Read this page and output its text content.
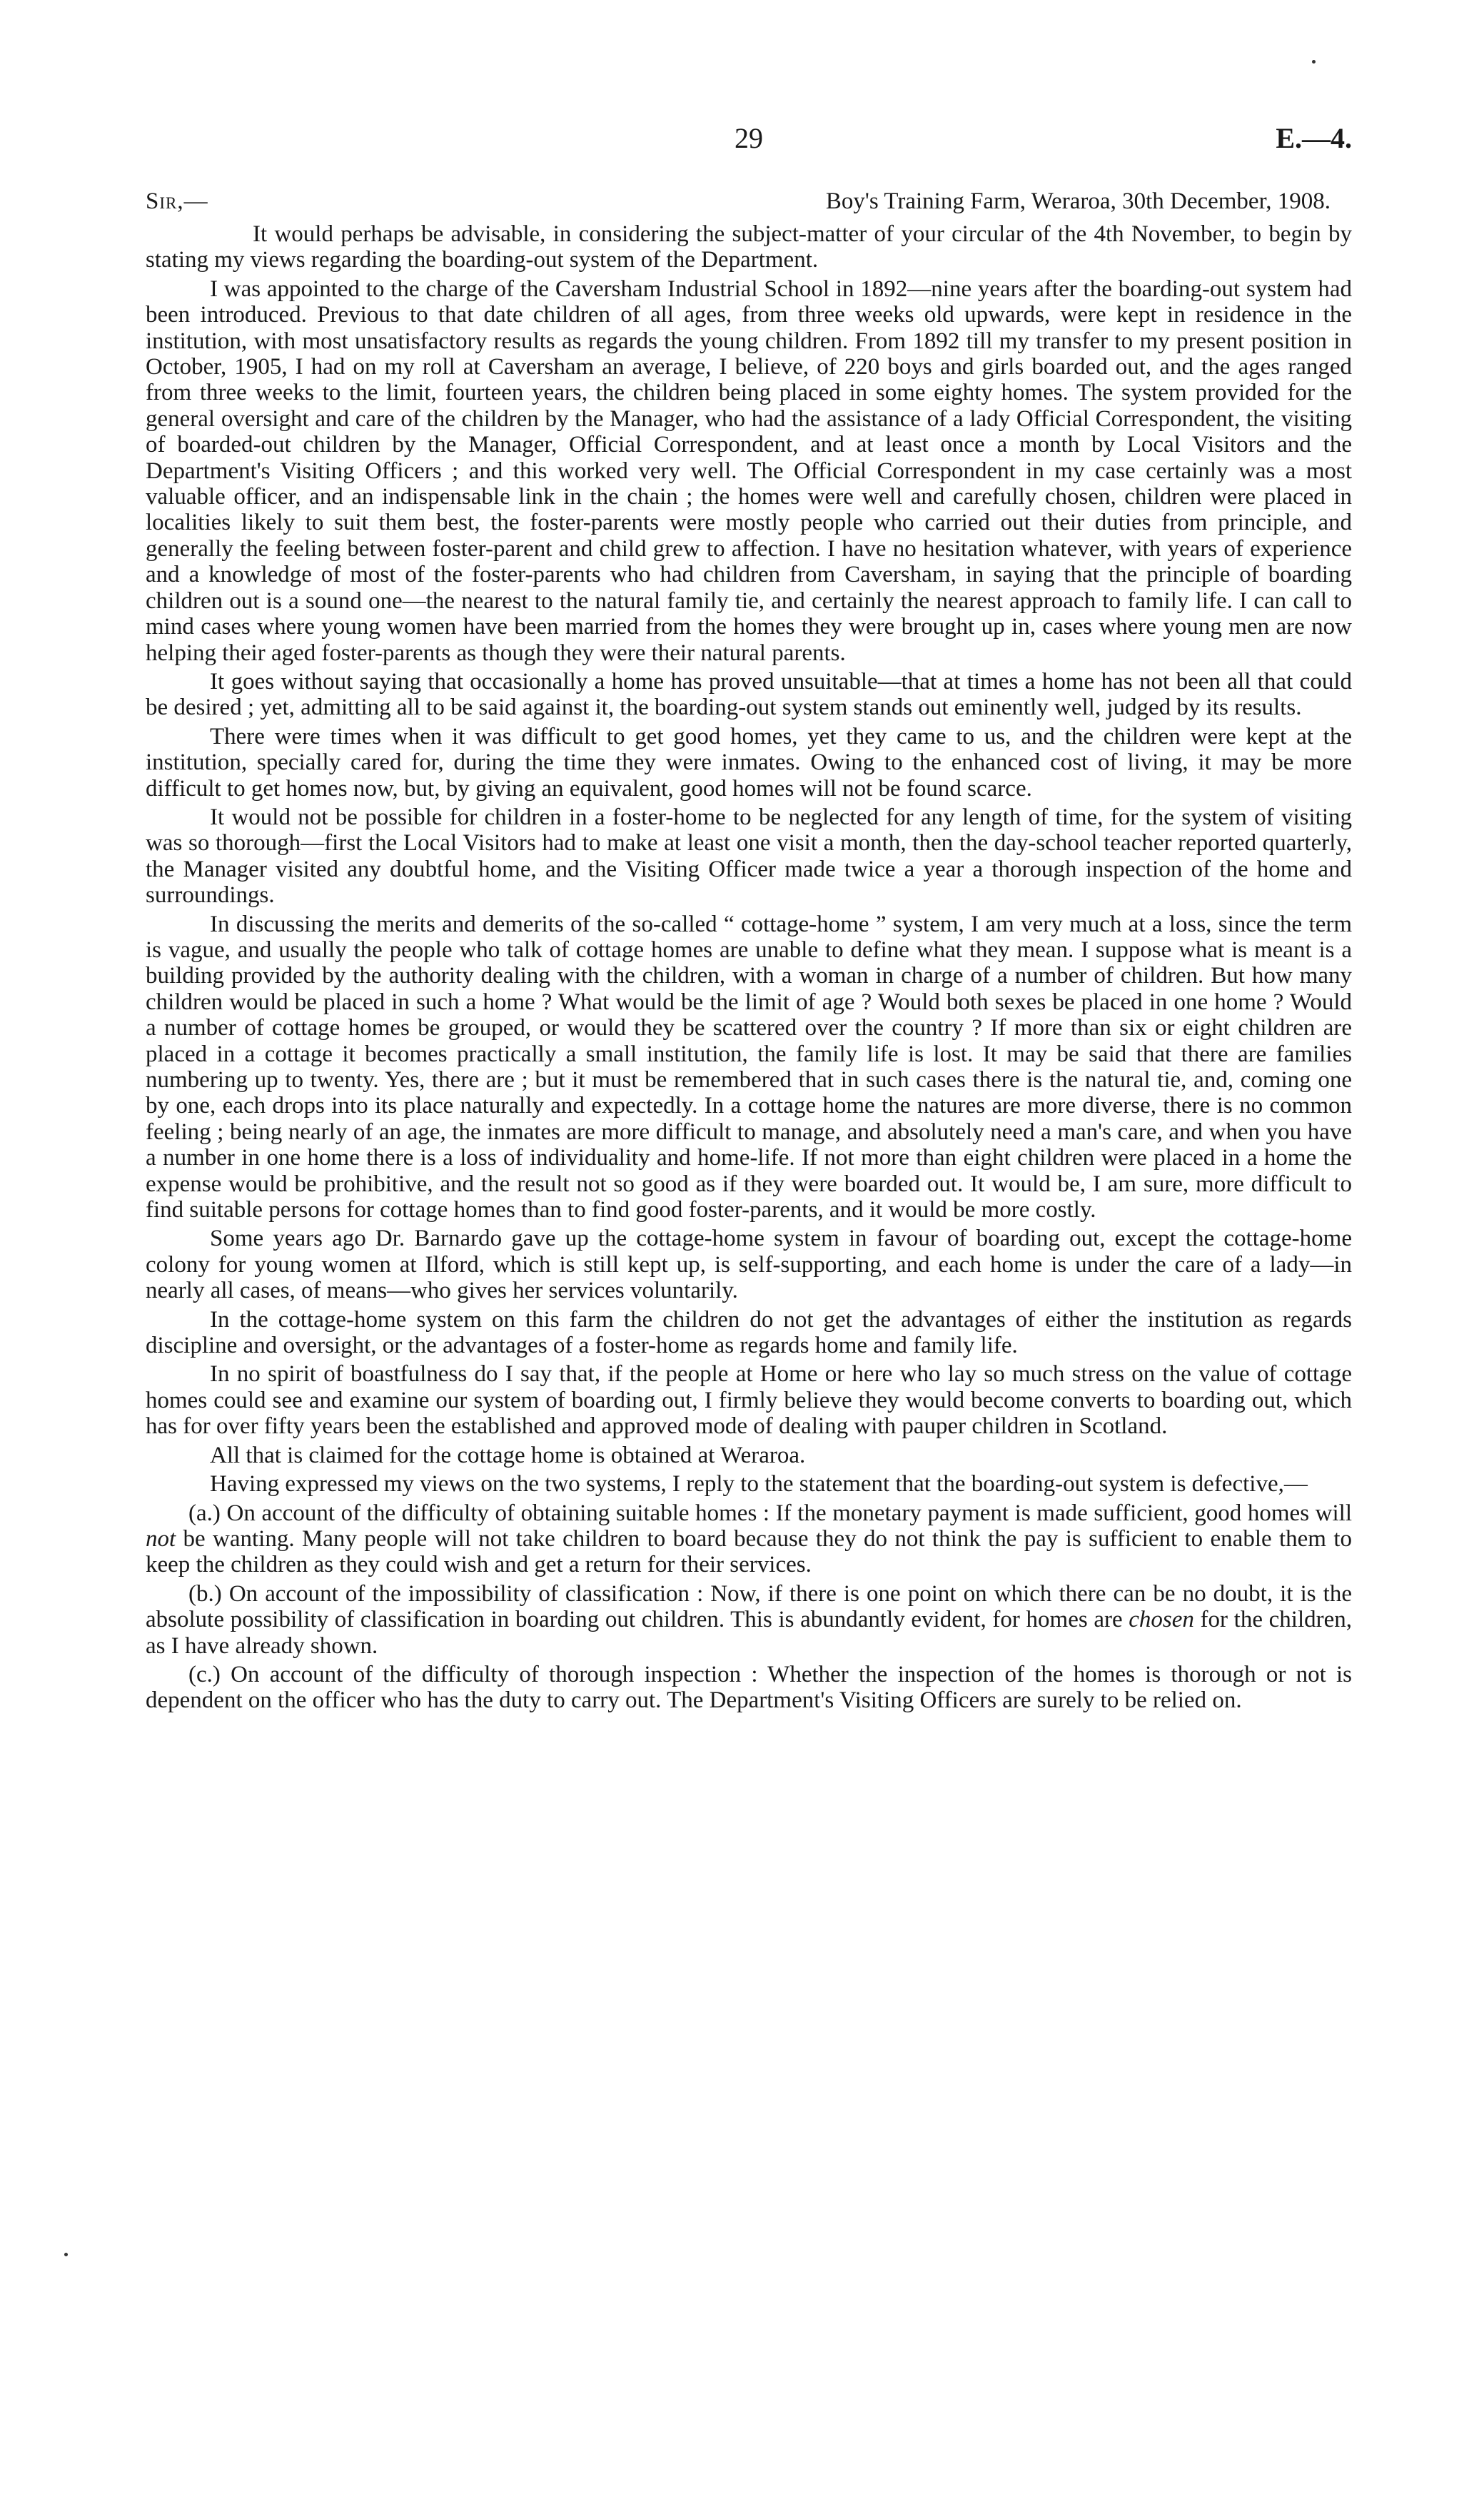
29	E.—4.
Sir,—	Boy's Training Farm, Weraroa, 30th December, 1908.

It would perhaps be advisable, in considering the subject-matter of your circular of the 4th November, to begin by stating my views regarding the boarding-out system of the Department.

I was appointed to the charge of the Caversham Industrial School in 1892—nine years after the boarding-out system had been introduced. Previous to that date children of all ages, from three weeks old upwards, were kept in residence in the institution, with most unsatisfactory results as regards the young children. From 1892 till my transfer to my present position in October, 1905, I had on my roll at Caversham an average, I believe, of 220 boys and girls boarded out, and the ages ranged from three weeks to the limit, fourteen years, the children being placed in some eighty homes. The system provided for the general oversight and care of the children by the Manager, who had the assistance of a lady Official Correspondent, the visiting of boarded-out children by the Manager, Official Correspondent, and at least once a month by Local Visitors and the Department's Visiting Officers ; and this worked very well. The Official Correspondent in my case certainly was a most valuable officer, and an indispensable link in the chain ; the homes were well and carefully chosen, children were placed in localities likely to suit them best, the foster-parents were mostly people who carried out their duties from principle, and generally the feeling between foster-parent and child grew to affection. I have no hesitation whatever, with years of experience and a knowledge of most of the foster-parents who had children from Caversham, in saying that the principle of boarding children out is a sound one—the nearest to the natural family tie, and certainly the nearest approach to family life. I can call to mind cases where young women have been married from the homes they were brought up in, cases where young men are now helping their aged foster-parents as though they were their natural parents.

It goes without saying that occasionally a home has proved unsuitable—that at times a home has not been all that could be desired ; yet, admitting all to be said against it, the boarding-out system stands out eminently well, judged by its results.

There were times when it was difficult to get good homes, yet they came to us, and the children were kept at the institution, specially cared for, during the time they were inmates. Owing to the enhanced cost of living, it may be more difficult to get homes now, but, by giving an equivalent, good homes will not be found scarce.

It would not be possible for children in a foster-home to be neglected for any length of time, for the system of visiting was so thorough—first the Local Visitors had to make at least one visit a month, then the day-school teacher reported quarterly, the Manager visited any doubtful home, and the Visiting Officer made twice a year a thorough inspection of the home and surroundings.

In discussing the merits and demerits of the so-called “ cottage-home ” system, I am very much at a loss, since the term is vague, and usually the people who talk of cottage homes are unable to define what they mean. I suppose what is meant is a building provided by the authority dealing with the children, with a woman in charge of a number of children. But how many children would be placed in such a home ? What would be the limit of age ? Would both sexes be placed in one home ? Would a number of cottage homes be grouped, or would they be scattered over the country ? If more than six or eight children are placed in a cottage it becomes practically a small institution, the family life is lost. It may be said that there are families numbering up to twenty. Yes, there are ; but it must be remembered that in such cases there is the natural tie, and, coming one by one, each drops into its place naturally and expectedly. In a cottage home the natures are more diverse, there is no common feeling ; being nearly of an age, the inmates are more difficult to manage, and absolutely need a man's care, and when you have a number in one home there is a loss of individuality and home-life. If not more than eight children were placed in a home the expense would be prohibitive, and the result not so good as if they were boarded out. It would be, I am sure, more difficult to find suitable persons for cottage homes than to find good foster-parents, and it would be more costly.

Some years ago Dr. Barnardo gave up the cottage-home system in favour of boarding out, except the cottage-home colony for young women at Ilford, which is still kept up, is self-supporting, and each home is under the care of a lady—in nearly all cases, of means—who gives her services voluntarily.

In the cottage-home system on this farm the children do not get the advantages of either the institution as regards discipline and oversight, or the advantages of a foster-home as regards home and family life.

In no spirit of boastfulness do I say that, if the people at Home or here who lay so much stress on the value of cottage homes could see and examine our system of boarding out, I firmly believe they would become converts to boarding out, which has for over fifty years been the established and approved mode of dealing with pauper children in Scotland.

All that is claimed for the cottage home is obtained at Weraroa.

Having expressed my views on the two systems, I reply to the statement that the boarding-out system is defective,—

(a.) On account of the difficulty of obtaining suitable homes : If the monetary payment is made sufficient, good homes will not be wanting. Many people will not take children to board because they do not think the pay is sufficient to enable them to keep the children as they could wish and get a return for their services.

(b.) On account of the impossibility of classification : Now, if there is one point on which there can be no doubt, it is the absolute possibility of classification in boarding out children. This is abundantly evident, for homes are chosen for the children, as I have already shown.

(c.) On account of the difficulty of thorough inspection : Whether the inspection of the homes is thorough or not is dependent on the officer who has the duty to carry out. The Department's Visiting Officers are surely to be relied on.
